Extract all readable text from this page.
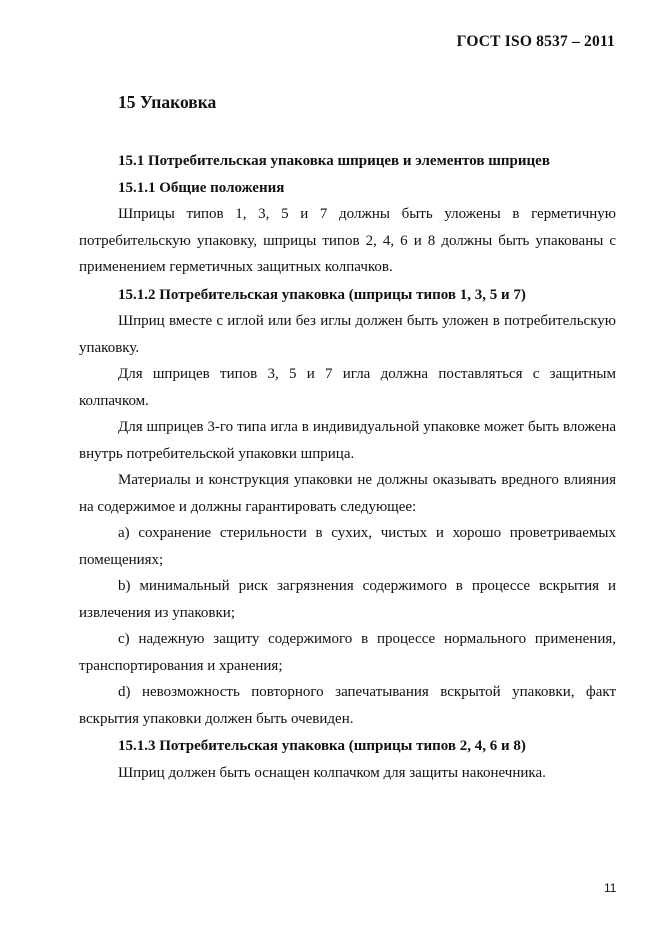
ГОСТ ISO 8537 – 2011
15 Упаковка

15.1 Потребительская упаковка шприцев и элементов шприцев

15.1.1 Общие положения

Шприцы типов 1, 3, 5 и 7 должны быть уложены в герметичную потребительскую упаковку, шприцы типов 2, 4, 6 и 8 должны быть упакованы с применением герметичных защитных колпачков.

15.1.2 Потребительская упаковка (шприцы типов 1, 3, 5 и 7)

Шприц вместе с иглой или без иглы должен быть уложен в потребительскую упаковку.

Для шприцев типов 3, 5 и 7 игла должна поставляться с защитным колпачком.

Для шприцев 3-го типа игла в индивидуальной упаковке может быть вложена внутрь потребительской упаковки шприца.

Материалы и конструкция упаковки не должны оказывать вредного влияния на содержимое и должны гарантировать следующее:

a) сохранение стерильности в сухих, чистых и хорошо проветриваемых помещениях;

b) минимальный риск загрязнения содержимого в процессе вскрытия и извлечения из упаковки;

c) надежную защиту содержимого в процессе нормального применения, транспортирования и хранения;

d) невозможность повторного запечатывания вскрытой упаковки, факт вскрытия упаковки должен быть очевиден.

15.1.3 Потребительская упаковка (шприцы типов 2, 4, 6 и 8)

Шприц должен быть оснащен колпачком для защиты наконечника.

11
